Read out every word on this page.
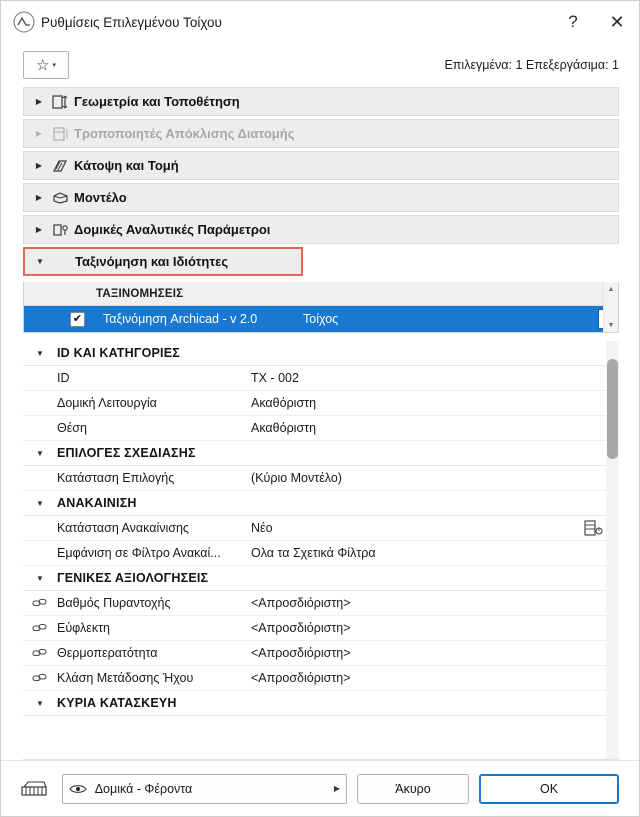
Ρυθμίσεις Επιλεγμένου Τοίχου	?	✕
☆ ▾	Επιλεγμένα: 1 Επεξεργάσιμα: 1
▶	Γεωμετρία και Τοποθέτηση
▶	Τροποποιητές Απόκλισης Διατομής
▶	Κάτοψη και Τομή
▶	Μοντέλο
▶	Δομικές Αναλυτικές Παράμετροι
▼	Ταξινόμηση και Ιδιότητες
ΤΑΞΙΝΟΜΗΣΕΙΣ
✔ Ταξινόμηση Archicad - v 2.0	Τοίχος
▲
▼
▼	ID ΚΑΙ ΚΑΤΗΓΟΡΙΕΣ
ID	TX - 002
Δομική Λειτουργία	Ακαθόριστη
Θέση	Ακαθόριστη
▼	ΕΠΙΛΟΓΕΣ ΣΧΕΔΙΑΣΗΣ
Κατάσταση Επιλογής	(Κύριο Μοντέλο)
▼	ΑΝΑΚΑΙΝΙΣΗ
Κατάσταση Ανακαίνισης	Νέο
Εμφάνιση σε Φίλτρο Ανακαί...	Ολα τα Σχετικά Φίλτρα
▼	ΓΕΝΙΚΕΣ ΑΞΙΟΛΟΓΗΣΕΙΣ
Βαθμός Πυραντοχής	<Απροσδιόριστη>
Εύφλεκτη	<Απροσδιόριστη>
Θερμοπερατότητα	<Απροσδιόριστη>
Κλάση Μετάδοσης Ήχου	<Απροσδιόριστη>
▼	ΚΥΡΙΑ ΚΑΤΑΣΚΕΥΗ
Δομικά - Φέροντα	▶	Άκυρο	OK
